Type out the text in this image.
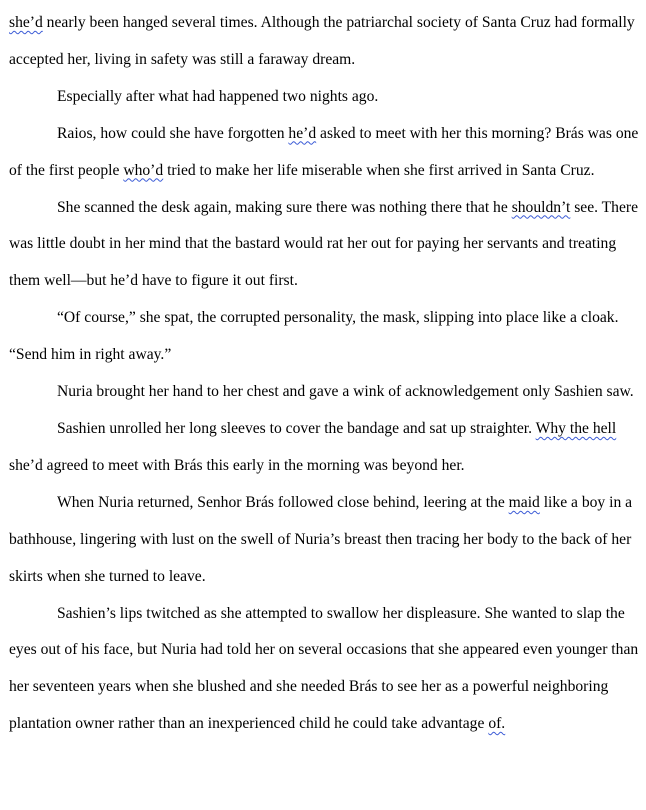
she’d nearly been hanged several times. Although the patriarchal society of Santa Cruz had formally accepted her, living in safety was still a faraway dream.

Especially after what had happened two nights ago.

Raios, how could she have forgotten he’d asked to meet with her this morning? Brás was one of the first people who’d tried to make her life miserable when she first arrived in Santa Cruz.

She scanned the desk again, making sure there was nothing there that he shouldn’t see. There was little doubt in her mind that the bastard would rat her out for paying her servants and treating them well—but he’d have to figure it out first.

“Of course,” she spat, the corrupted personality, the mask, slipping into place like a cloak. “Send him in right away.”

Nuria brought her hand to her chest and gave a wink of acknowledgement only Sashien saw.

Sashien unrolled her long sleeves to cover the bandage and sat up straighter. Why the hell she’d agreed to meet with Brás this early in the morning was beyond her.

When Nuria returned, Senhor Brás followed close behind, leering at the maid like a boy in a bathhouse, lingering with lust on the swell of Nuria’s breast then tracing her body to the back of her skirts when she turned to leave.

Sashien’s lips twitched as she attempted to swallow her displeasure. She wanted to slap the eyes out of his face, but Nuria had told her on several occasions that she appeared even younger than her seventeen years when she blushed and she needed Brás to see her as a powerful neighboring plantation owner rather than an inexperienced child he could take advantage of.
